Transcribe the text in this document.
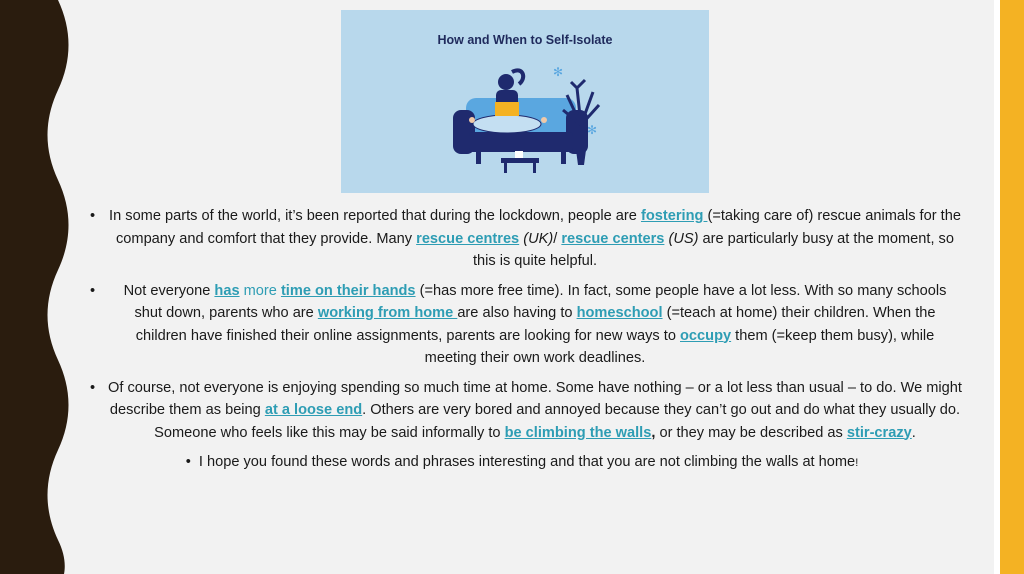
How and When to Self-Isolate
✻
✻

• In some parts of the world, it’s been reported that during the lockdown, people are fostering (=taking care of) rescue animals for the company and comfort that they provide. Many rescue centres (UK)/ rescue centers (US) are particularly busy at the moment, so this is quite helpful.

• Not everyone has more time on their hands (=has more free time). In fact, some people have a lot less. With so many schools shut down, parents who are working from home are also having to homeschool (=teach at home) their children. When the children have finished their online assignments, parents are looking for new ways to occupy them (=keep them busy), while meeting their own work deadlines.

• Of course, not everyone is enjoying spending so much time at home. Some have nothing – or a lot less than usual – to do. We might describe them as being at a loose end. Others are very bored and annoyed because they can’t go out and do what they usually do. Someone who feels like this may be said informally to be climbing the walls, or they may be described as stir-crazy.

• I hope you found these words and phrases interesting and that you are not climbing the walls at home!
